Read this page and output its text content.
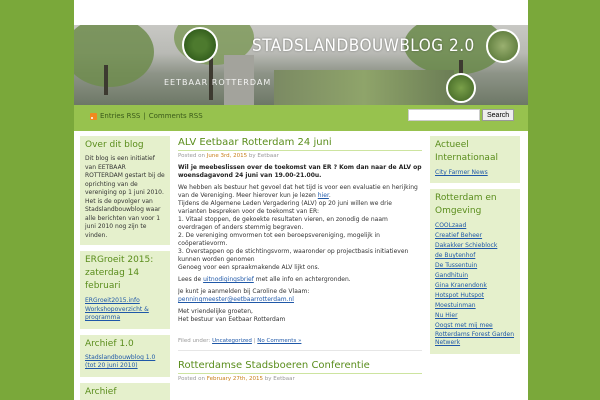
Home	Agenda	Over Eetbaar Rotterdam	Lid worden	Veel gestelde vragen	Resources
STADSLANDBOUWBLOG 2.0
EETBAAR ROTTERDAM
Entries RSS | Comments RSS	Search
Over dit blog

Dit blog is een initiatief van EETBAAR ROTTERDAM gestart bij de oprichting van de vereniging op 1 juni 2010. Het is de opvolger van Stadslandbouwblog waar alle berichten van voor 1 juni 2010 nog zijn te vinden.

ERGroeit 2015: zaterdag 14 februari
ERGroeit2015.info
Workshopoverzicht & programma
Archief 1.0
Stadslandbouwblog 1.0 (tot 20 juni 2010)
Archief
ALV Eetbaar Rotterdam 24 juni
Posted on June 3rd, 2015 by Eetbaar

Wil je meebeslissen over de toekomst van ER ? Kom dan naar de ALV op woensdagavond 24 juni van 19.00-21.00u.

We hebben als bestuur het gevoel dat het tijd is voor een evaluatie en herijking van de Vereniging. Meer hierover kun je lezen hier.
Tijdens de Algemene Leden Vergadering (ALV) op 20 juni willen we drie varianten bespreken voor de toekomst van ER:
1. Vitaal stoppen, de gekoekte resultaten vieren, en zonodig de naam overdragen of anders stemmig begraven.
2. De vereniging omvormen tot een beroepsvereniging, mogelijk in coöperatievorm.
3. Overstappen op de stichtingsvorm, waaronder op projectbasis initiatieven kunnen worden genomen
Genoeg voor een spraakmakende ALV lijkt ons.

Lees de uitnodigingsbrief met alle info en achtergronden.

Je kunt je aanmelden bij Caroline de Vlaam: penningmeester@eetbaarrotterdam.nl

Met vriendelijke groeten,
Het bestuur van Eetbaar Rotterdam

Filed under: Uncategorized | No Comments »
Rotterdamse Stadsboeren Conferentie
Posted on February 27th, 2015 by Eetbaar
Actueel Internationaal
City Farmer News
Rotterdam en Omgeving
COOLzaad
Creatief Beheer
Dakakker Schieblock
de Buytenhof
De Tussentuin
Gandhituin
Gina Kranendonk
Hotspot Hutspot
Moestuinman
Nu Hier
Oogst met mij mee
Rotterdams Forest Garden Netwerk
